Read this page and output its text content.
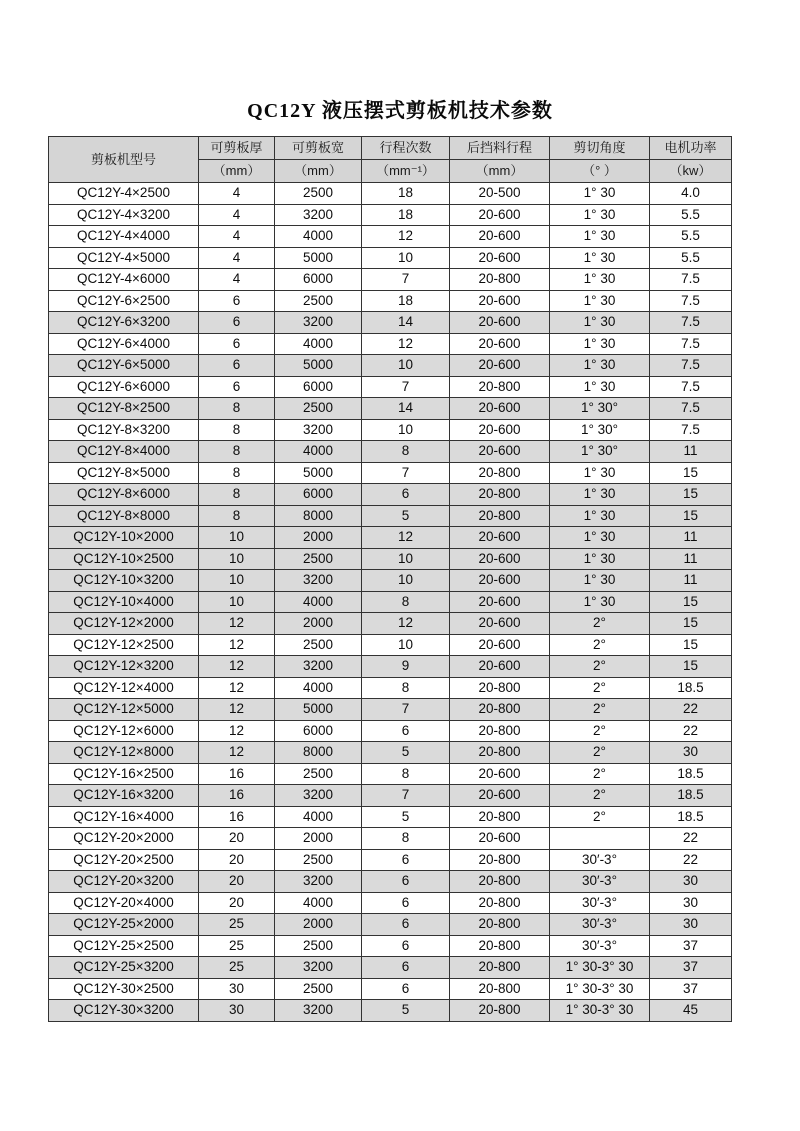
QC12Y 液压摆式剪板机技术参数
剪板机型号	可剪板厚	可剪板宽	行程次数	后挡料行程	剪切角度	电机功率
	（mm）	（mm）	（mm⁻¹）	（mm）	（° ）	（kw）
QC12Y-4×2500	4	2500	18	20-500	1° 30	4.0
QC12Y-4×3200	4	3200	18	20-600	1° 30	5.5
QC12Y-4×4000	4	4000	12	20-600	1° 30	5.5
QC12Y-4×5000	4	5000	10	20-600	1° 30	5.5
QC12Y-4×6000	4	6000	7	20-800	1° 30	7.5
QC12Y-6×2500	6	2500	18	20-600	1° 30	7.5
QC12Y-6×3200	6	3200	14	20-600	1° 30	7.5
QC12Y-6×4000	6	4000	12	20-600	1° 30	7.5
QC12Y-6×5000	6	5000	10	20-600	1° 30	7.5
QC12Y-6×6000	6	6000	7	20-800	1° 30	7.5
QC12Y-8×2500	8	2500	14	20-600	1° 30°	7.5
QC12Y-8×3200	8	3200	10	20-600	1° 30°	7.5
QC12Y-8×4000	8	4000	8	20-600	1° 30°	11
QC12Y-8×5000	8	5000	7	20-800	1° 30	15
QC12Y-8×6000	8	6000	6	20-800	1° 30	15
QC12Y-8×8000	8	8000	5	20-800	1° 30	15
QC12Y-10×2000	10	2000	12	20-600	1° 30	11
QC12Y-10×2500	10	2500	10	20-600	1° 30	11
QC12Y-10×3200	10	3200	10	20-600	1° 30	11
QC12Y-10×4000	10	4000	8	20-600	1° 30	15
QC12Y-12×2000	12	2000	12	20-600	2°	15
QC12Y-12×2500	12	2500	10	20-600	2°	15
QC12Y-12×3200	12	3200	9	20-600	2°	15
QC12Y-12×4000	12	4000	8	20-800	2°	18.5
QC12Y-12×5000	12	5000	7	20-800	2°	22
QC12Y-12×6000	12	6000	6	20-800	2°	22
QC12Y-12×8000	12	8000	5	20-800	2°	30
QC12Y-16×2500	16	2500	8	20-600	2°	18.5
QC12Y-16×3200	16	3200	7	20-600	2°	18.5
QC12Y-16×4000	16	4000	5	20-800	2°	18.5
QC12Y-20×2000	20	2000	8	20-600		22
QC12Y-20×2500	20	2500	6	20-800	30′-3°	22
QC12Y-20×3200	20	3200	6	20-800	30′-3°	30
QC12Y-20×4000	20	4000	6	20-800	30′-3°	30
QC12Y-25×2000	25	2000	6	20-800	30′-3°	30
QC12Y-25×2500	25	2500	6	20-800	30′-3°	37
QC12Y-25×3200	25	3200	6	20-800	1° 30-3° 30	37
QC12Y-30×2500	30	2500	6	20-800	1° 30-3° 30	37
QC12Y-30×3200	30	3200	5	20-800	1° 30-3° 30	45
